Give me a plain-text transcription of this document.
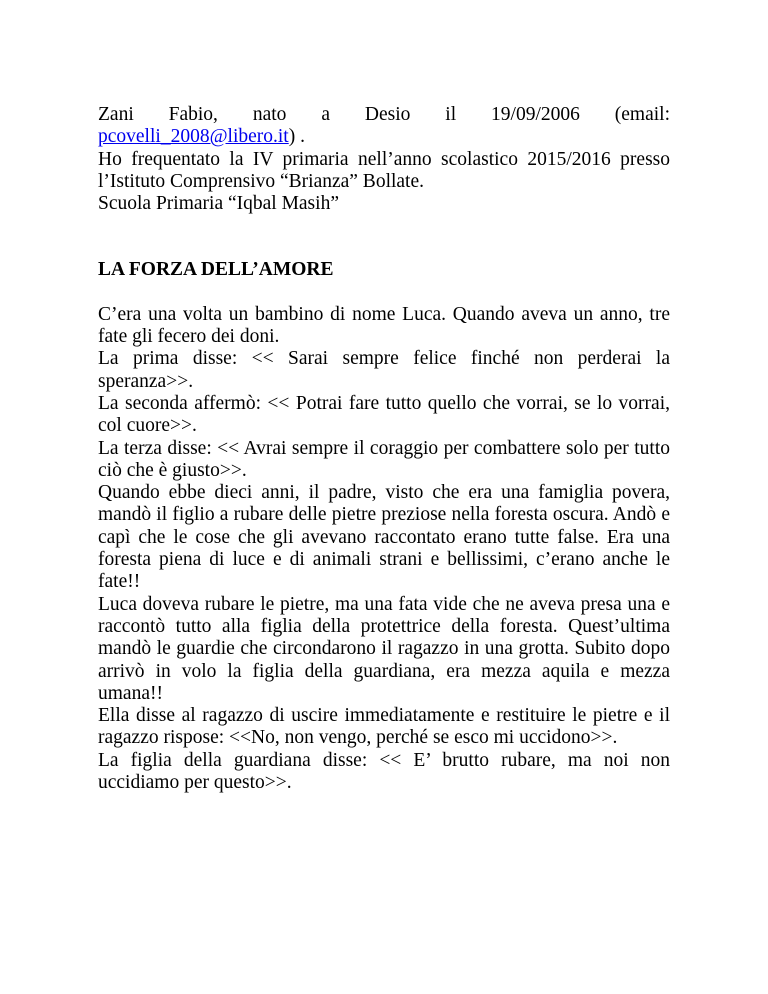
Zani Fabio, nato a Desio il 19/09/2006 (email:

pcovelli_2008@libero.it) .

Ho frequentato la IV primaria nell’anno scolastico 2015/2016 presso l’Istituto Comprensivo “Brianza” Bollate.

Scuola Primaria “Iqbal Masih”

LA FORZA DELL’AMORE

C’era una volta un bambino di nome Luca. Quando aveva un anno, tre fate gli fecero dei doni.

La prima disse: << Sarai sempre felice finché non perderai la speranza>>.

La seconda affermò: << Potrai fare tutto quello che vorrai, se lo vorrai, col cuore>>.

La terza disse: << Avrai sempre il coraggio per combattere solo per tutto ciò che è giusto>>.

Quando ebbe dieci anni, il padre, visto che era una famiglia povera, mandò il figlio a rubare delle pietre preziose nella foresta oscura. Andò e capì che le cose che gli avevano raccontato erano tutte false. Era una foresta piena di luce e di animali strani e bellissimi, c’erano anche le fate!!

Luca doveva rubare le pietre, ma una fata vide che ne aveva presa una e raccontò tutto alla figlia della protettrice della foresta. Quest’ultima mandò le guardie che circondarono il ragazzo in una grotta. Subito dopo arrivò in volo la figlia della guardiana, era mezza aquila e mezza umana!!

Ella disse al ragazzo di uscire immediatamente e restituire le pietre e il ragazzo rispose: <<No, non vengo, perché se esco mi uccidono>>.

La figlia della guardiana disse: << E’ brutto rubare, ma noi non uccidiamo per questo>>.
